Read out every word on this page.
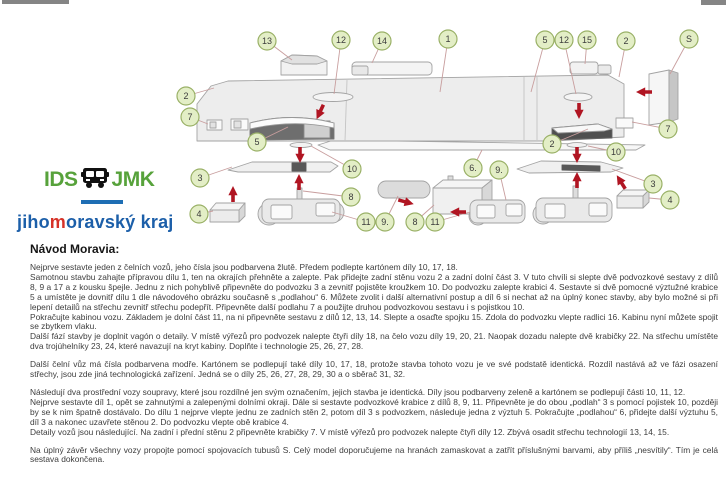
13	12	14	1	5 12 15	2	S
2
7
5
10
3
4
8
11 9.	8 11
7
2
10
6. 9.
3
4
IDS JMK
jihomoravský kraj
Návod Moravia:

Nejprve sestavte jeden z čelních vozů, jeho čísla jsou podbarvena žlutě. Předem podlepte kartónem díly 10, 17, 18.

Samotnou stavbu zahajte přípravou dílu 1, ten na okrajích přehněte a zalepte. Pak přidejte zadní stěnu vozu 2 a zadní dolní část 3. V tuto chvíli si slepte dvě podvozkové sestavy z dílů 8, 9 a 17 a z kousku špejle. Jednu z nich pohyblivě připevněte do podvozku 3 a zevnitř pojistěte kroužkem 10. Do podvozku zalepte krabici 4. Sestavte si dvě pomocné výztužné krabice 5 a umístěte je dovnitř dílu 1 dle návodového obrázku současně s „podlahou“ 6. Můžete zvolit i další alternativní postup a díl 6 si nechat až na úplný konec stavby, aby bylo možné si při lepení detailů na střechu zevnitř střechu podepřít. Připevněte další podlahu 7 a použijte druhou podvozkovou sestavu i s pojistkou 10.

Pokračujte kabinou vozu. Základem je dolní část 11, na ni připevněte sestavu z dílů 12, 13, 14. Slepte a osaďte spojku 15. Zdola do podvozku vlepte radlici 16. Kabinu nyní můžete spojit se zbytkem vlaku.

Další fází stavby je doplnit vagón o detaily. V místě výřezů pro podvozek nalepte čtyři díly 18, na čelo vozu díly 19, 20, 21. Naopak dozadu nalepte dvě krabičky 22. Na střechu umístěte dva trojúhelníky 23, 24, které navazují na kryt kabiny. Doplňte i technologie 25, 26, 27, 28.

Další čelní vůz má čísla podbarvena modře. Kartónem se podlepují také díly 10, 17, 18, protože stavba tohoto vozu je ve své podstatě identická. Rozdíl nastává až ve fázi osazení střechy, jsou zde jiná technologická zařízení. Jedná se o díly 25, 26, 27, 28, 29, 30 a o sběrač 31, 32.

Následují dva prostřední vozy soupravy, které jsou rozdílné jen svým označením, jejich stavba je identická. Díly jsou podbarveny zeleně a kartónem se podlepují části 10, 11, 12.

Nejprve sestavte díl 1, opět se zahnutými a zalepenými dolními okraji. Dále si sestavte podvozkové krabice z dílů 8, 9, 11. Připevněte je do obou „podlah“ 3 s pomocí pojistek 10, později by se k nim špatně dostávalo. Do dílu 1 nejprve vlepte jednu ze zadních stěn 2, potom díl 3 s podvozkem, následuje jedna z výztuh 5. Pokračujte „podlahou“ 6, přidejte další výztuhu 5, díl 3 a nakonec uzavřete stěnou 2. Do podvozku vlepte obě krabice 4.

Detaily vozů jsou následující. Na zadní i přední stěnu 2 připevněte krabičky 7. V místě výřezů pro podvozek nalepte čtyři díly 12. Zbývá osadit střechu technologií 13, 14, 15.

Na úplný závěr všechny vozy propojte pomocí spojovacích tubusů S. Celý model doporučujeme na hranách zamaskovat a zatřít příslušnými barvami, aby příliš „nesvítily“. Tím je celá sestava dokončena.
